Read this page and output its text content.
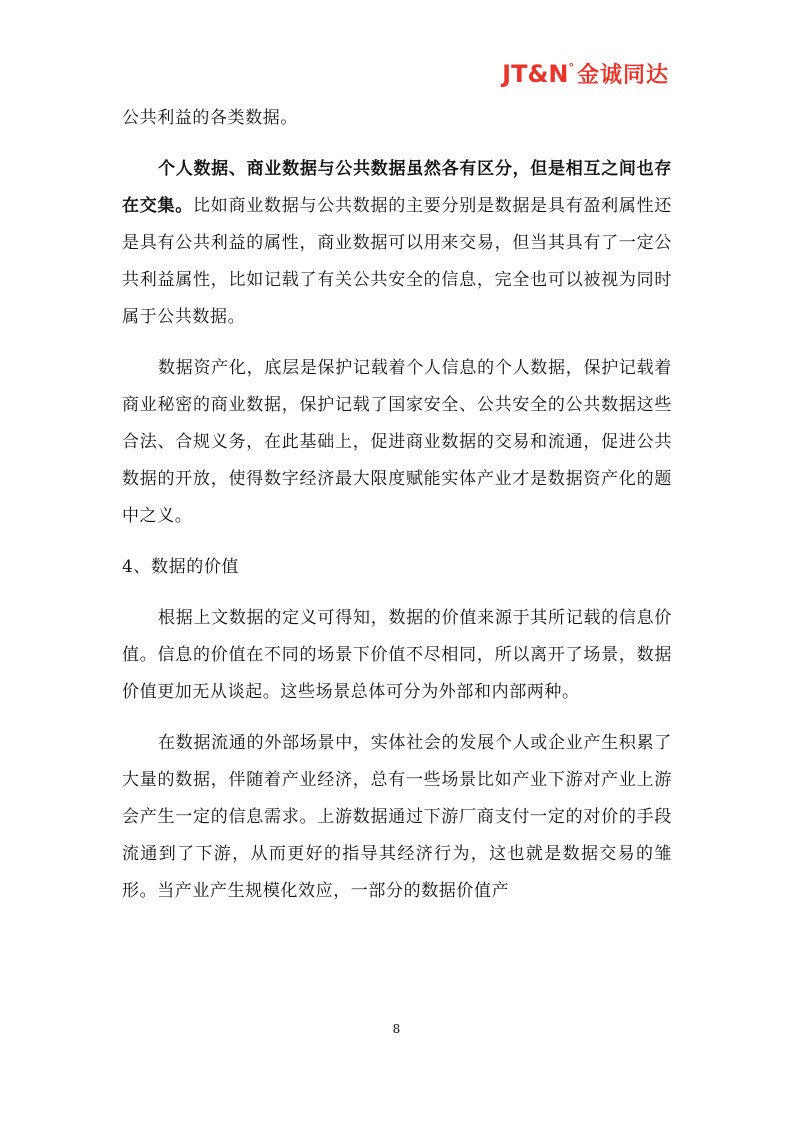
JT&N ° 金诚同达

公共利益的各类数据。

个人数据、商业数据与公共数据虽然各有区分，但是相互之间也存在交集。比如商业数据与公共数据的主要分别是数据是具有盈利属性还是具有公共利益的属性，商业数据可以用来交易，但当其具有了一定公共利益属性，比如记载了有关公共安全的信息，完全也可以被视为同时属于公共数据。

数据资产化，底层是保护记载着个人信息的个人数据，保护记载着商业秘密的商业数据，保护记载了国家安全、公共安全的公共数据这些合法、合规义务，在此基础上，促进商业数据的交易和流通，促进公共数据的开放，使得数字经济最大限度赋能实体产业才是数据资产化的题中之义。

4、数据的价值

根据上文数据的定义可得知，数据的价值来源于其所记载的信息价值。信息的价值在不同的场景下价值不尽相同，所以离开了场景，数据价值更加无从谈起。这些场景总体可分为外部和内部两种。

在数据流通的外部场景中，实体社会的发展个人或企业产生积累了大量的数据，伴随着产业经济，总有一些场景比如产业下游对产业上游会产生一定的信息需求。上游数据通过下游厂商支付一定的对价的手段流通到了下游，从而更好的指导其经济行为，这也就是数据交易的雏形。当产业产生规模化效应，一部分的数据价值产

8
